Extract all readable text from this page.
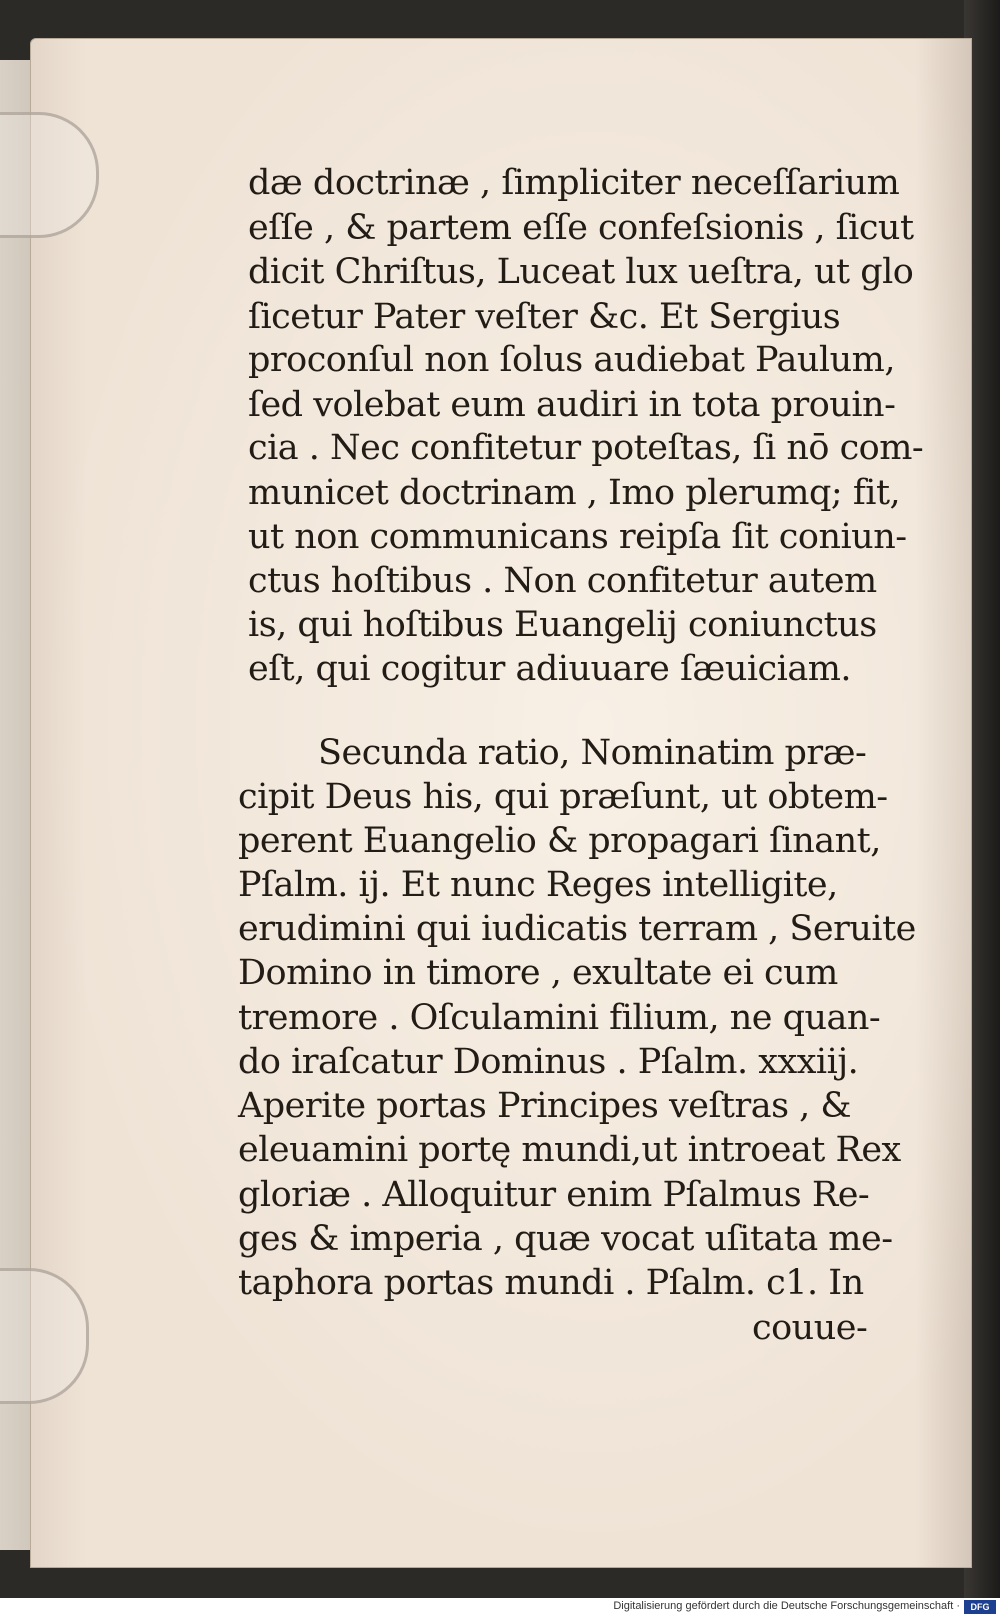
dæ doctrinæ , ſimpliciter neceſſarium
eſſe , & partem eſſe confeſsionis , ſicut
dicit Chriſtus, Luceat lux ueſtra, ut glo
ſicetur Pater veſter &c. Et Sergius
proconſul non ſolus audiebat Paulum,
ſed volebat eum audiri in tota prouin-
cia . Nec confitetur poteſtas, ſi nō com-
municet doctrinam , Imo plerumq; fit,
ut non communicans reipſa ſit coniun-
ctus hoſtibus . Non confitetur autem
is, qui hoſtibus Euangelij coniunctus
eſt, qui cogitur adiuuare ſæuiciam.
Secunda ratio, Nominatim præ-
cipit Deus his, qui præſunt, ut obtem-
perent Euangelio & propagari ſinant,
Pſalm. ij. Et nunc Reges intelligite,
erudimini qui iudicatis terram , Seruite
Domino in timore , exultate ei cum
tremore . Oſculamini filium, ne quan-
do iraſcatur Dominus . Pſalm. xxxiij.
Aperite portas Principes veſtras , &
eleuamini portę mundi,ut introeat Rex
gloriæ . Alloquitur enim Pſalmus Re-
ges & imperia , quæ vocat uſitata me-
taphora portas mundi . Pſalm. c1. In
couue-
Digitalisierung gefördert durch die Deutsche Forschungsgemeinschaft ·	DFG
